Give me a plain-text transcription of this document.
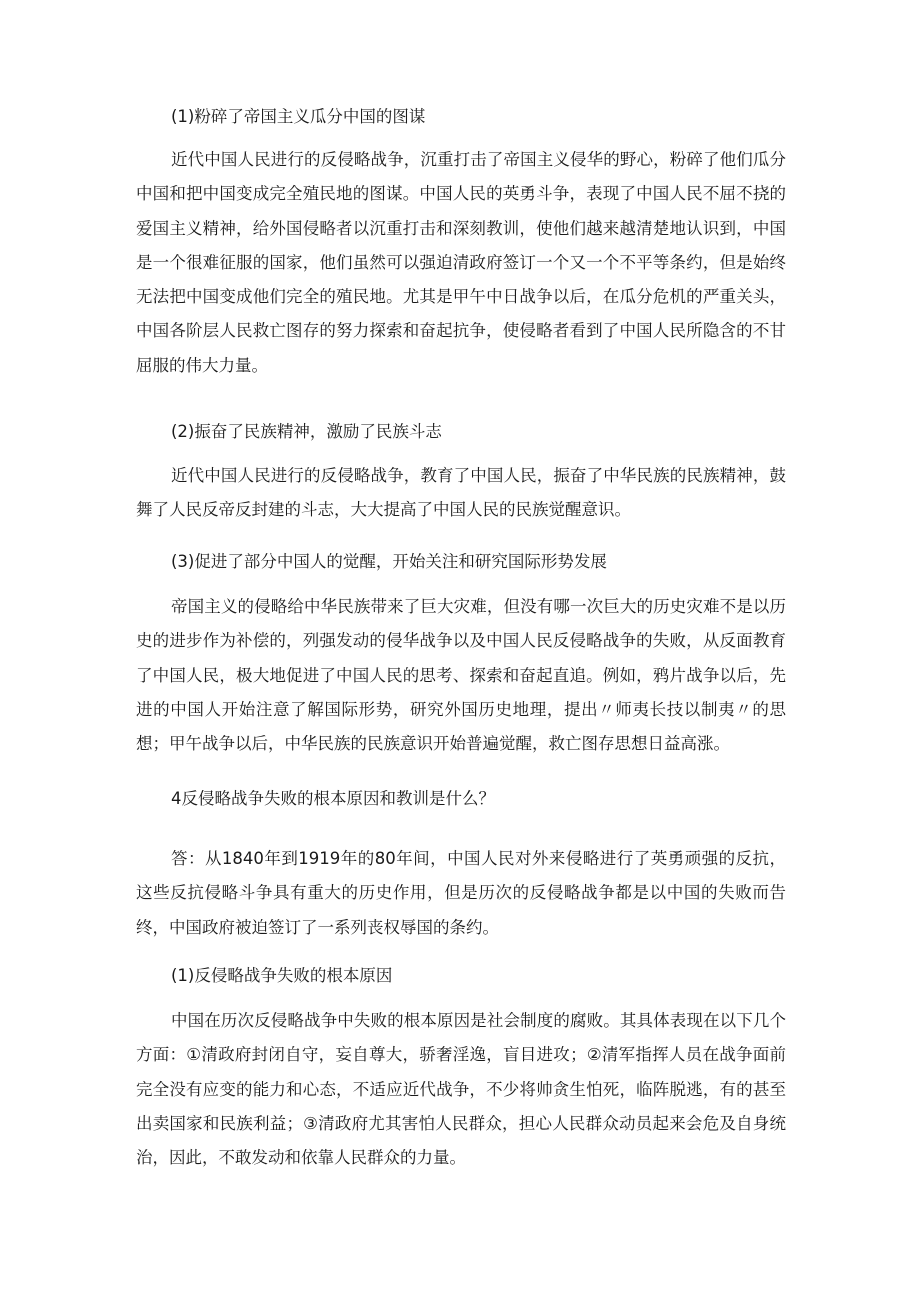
(1)粉碎了帝国主义瓜分中国的图谋

近代中国人民进行的反侵略战争，沉重打击了帝国主义侵华的野心，粉碎了他们瓜分中国和把中国变成完全殖民地的图谋。中国人民的英勇斗争，表现了中国人民不屈不挠的爱国主义精神，给外国侵略者以沉重打击和深刻教训，使他们越来越清楚地认识到，中国是一个很难征服的国家，他们虽然可以强迫清政府签订一个又一个不平等条约，但是始终无法把中国变成他们完全的殖民地。尤其是甲午中日战争以后，在瓜分危机的严重关头，中国各阶层人民救亡图存的努力探索和奋起抗争，使侵略者看到了中国人民所隐含的不甘屈服的伟大力量。

(2)振奋了民族精神，激励了民族斗志

近代中国人民进行的反侵略战争，教育了中国人民，振奋了中华民族的民族精神，鼓舞了人民反帝反封建的斗志，大大提高了中国人民的民族觉醒意识。

(3)促进了部分中国人的觉醒，开始关注和研究国际形势发展

帝国主义的侵略给中华民族带来了巨大灾难，但没有哪一次巨大的历史灾难不是以历史的进步作为补偿的，列强发动的侵华战争以及中国人民反侵略战争的失败，从反面教育了中国人民，极大地促进了中国人民的思考、探索和奋起直追。例如，鸦片战争以后，先进的中国人开始注意了解国际形势，研究外国历史地理，提出〃师夷长技以制夷〃的思想；甲午战争以后，中华民族的民族意识开始普遍觉醒，救亡图存思想日益高涨。

4反侵略战争失败的根本原因和教训是什么？

答：从1840年到1919年的80年间，中国人民对外来侵略进行了英勇顽强的反抗，这些反抗侵略斗争具有重大的历史作用，但是历次的反侵略战争都是以中国的失败而告终，中国政府被迫签订了一系列丧权辱国的条约。

(1)反侵略战争失败的根本原因

中国在历次反侵略战争中失败的根本原因是社会制度的腐败。其具体表现在以下几个方面：①清政府封闭自守，妄自尊大，骄奢淫逸，盲目进攻；②清军指挥人员在战争面前完全没有应变的能力和心态，不适应近代战争，不少将帅贪生怕死，临阵脱逃，有的甚至出卖国家和民族利益；③清政府尤其害怕人民群众，担心人民群众动员起来会危及自身统治，因此，不敢发动和依靠人民群众的力量。
